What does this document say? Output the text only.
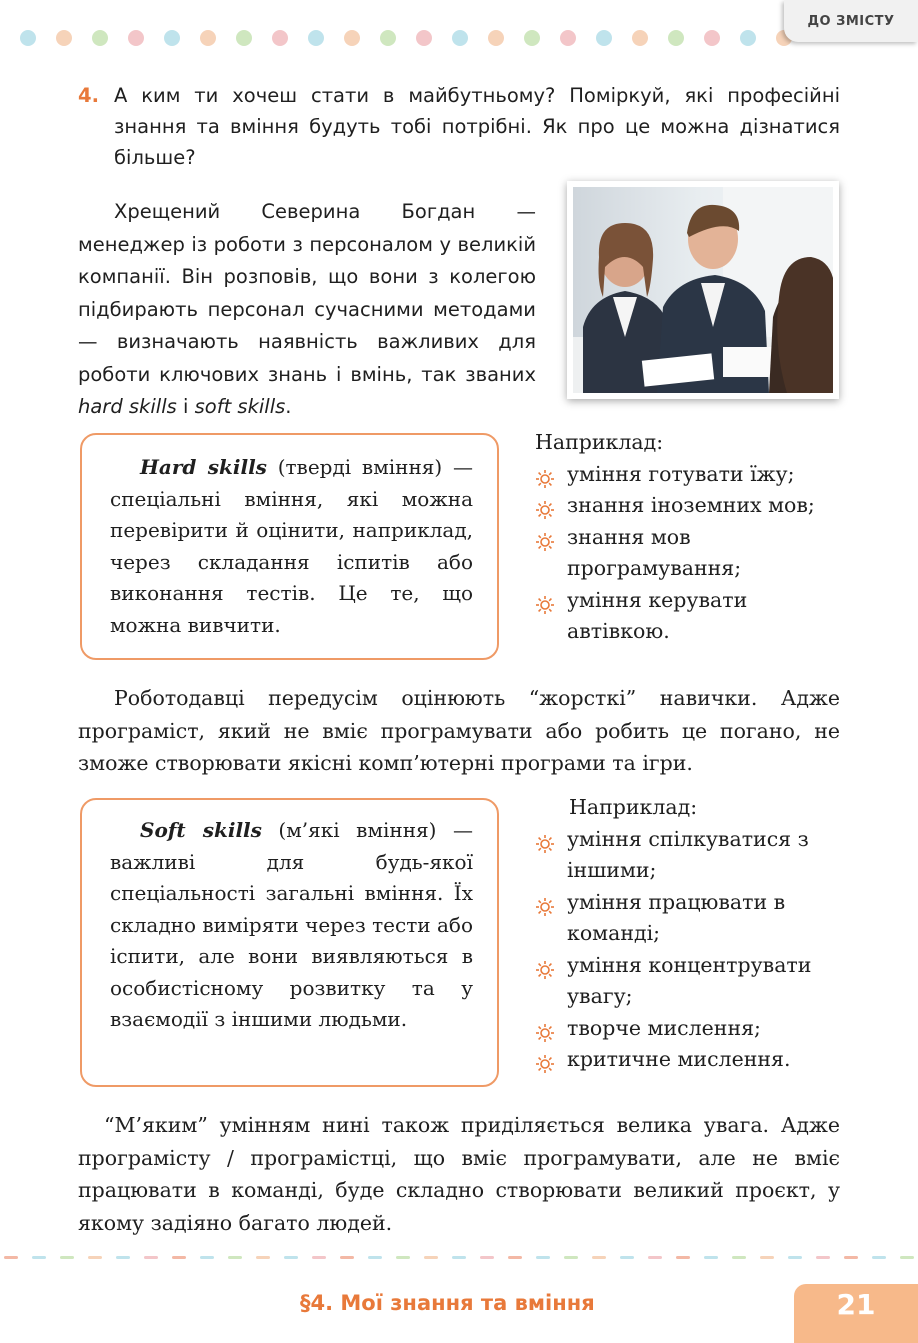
ДО ЗМІСТУ
4. А ким ти хочеш стати в майбутньому? Поміркуй, які професійні знання та вміння будуть тобі потрібні. Як про це можна дізнатися більше?
Хрещений Северина Богдан — менеджер із роботи з персоналом у великій компанії. Він розповів, що вони з колегою підбирають персонал сучасними методами — визначають наявність важливих для роботи ключових знань і вмінь, так званих hard skills і soft skills.
Hard skills (тверді вміння) — спеціальні вміння, які можна перевірити й оцінити, наприклад, через складання іспитів або виконання тестів. Це те, що можна вивчити.
Наприклад:
уміння готувати їжу;
знання іноземних мов;
знання мов програмування;
уміння керувати автівкою.
Роботодавці передусім оцінюють “жорсткі” навички. Адже програміст, який не вміє програмувати або робить це погано, не зможе створювати якісні комп’ютерні програми та ігри.
Soft skills (м’які вміння) — важливі для будь-якої спеціальності загальні вміння. Їх складно виміряти через тести або іспити, але вони виявляються в особистісному розвитку та у взаємодії з іншими людьми.
Наприклад:
уміння спілкуватися з іншими;
уміння працювати в команді;
уміння концентрувати увагу;
творче мислення;
критичне мислення.
“М’яким” умінням нині також приділяється велика увага. Адже програмісту / програмістці, що вміє програмувати, але не вміє працювати в команді, буде складно створювати великий проєкт, у якому задіяно багато людей.
§4. Мої знання та вміння	21
